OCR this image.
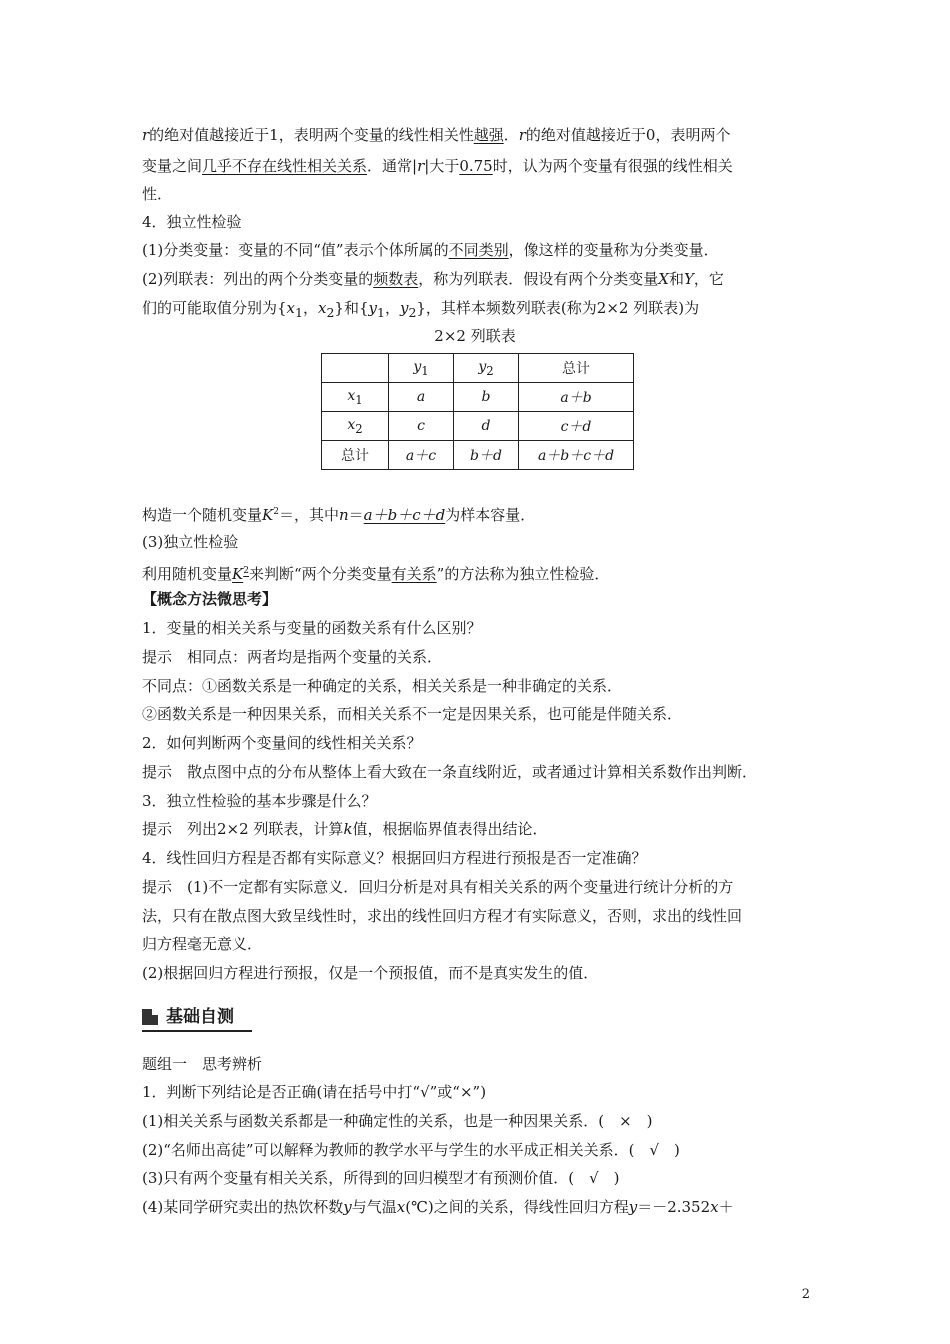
r的绝对值越接近于1，表明两个变量的线性相关性越强．r的绝对值越接近于0，表明两个
变量之间几乎不存在线性相关关系．通常|r|大于0.75时，认为两个变量有很强的线性相关
性．
4．独立性检验
(1)分类变量：变量的不同“值”表示个体所属的不同类别，像这样的变量称为分类变量．
(2)列联表：列出的两个分类变量的频数表，称为列联表．假设有两个分类变量X和Y，它
们的可能取值分别为{$x_1$，$x_2$}和{$y_1$，$y_2$}，其样本频数列联表(称为2×2 列联表)为
2×2 列联表
	$y_1$	$y_2$	总计
$x_1$	a	b	a＋b
$x_2$	c	d	c＋d
总计	a＋c	b＋d	a＋b＋c＋d
构造一个随机变量$K^2=$，其中n＝a＋b＋c＋d为样本容量．
(3)独立性检验
利用随机变量$K^2$来判断“两个分类变量有关系”的方法称为独立性检验．
【概念方法微思考】
1．变量的相关关系与变量的函数关系有什么区别？
提示　相同点：两者均是指两个变量的关系．
不同点：①函数关系是一种确定的关系，相关关系是一种非确定的关系．
②函数关系是一种因果关系，而相关关系不一定是因果关系，也可能是伴随关系．
2．如何判断两个变量间的线性相关关系？
提示　散点图中点的分布从整体上看大致在一条直线附近，或者通过计算相关系数作出判断．
3．独立性检验的基本步骤是什么？
提示　列出2×2 列联表，计算k值，根据临界值表得出结论．
4．线性回归方程是否都有实际意义？根据回归方程进行预报是否一定准确？
提示　(1)不一定都有实际意义．回归分析是对具有相关关系的两个变量进行统计分析的方
法，只有在散点图大致呈线性时，求出的线性回归方程才有实际意义，否则，求出的线性回
归方程毫无意义．
(2)根据回归方程进行预报，仅是一个预报值，而不是真实发生的值．
基础自测
题组一　思考辨析
1．判断下列结论是否正确(请在括号中打“√”或“×”)
(1)相关关系与函数关系都是一种确定性的关系，也是一种因果关系．(　×　)
(2)“名师出高徒”可以解释为教师的教学水平与学生的水平成正相关关系．(　√　)
(3)只有两个变量有相关关系，所得到的回归模型才有预测价值．(　√　)
(4)某同学研究卖出的热饮杯数y与气温x(℃)之间的关系，得线性回归方程y＝－2.352x＋
2
